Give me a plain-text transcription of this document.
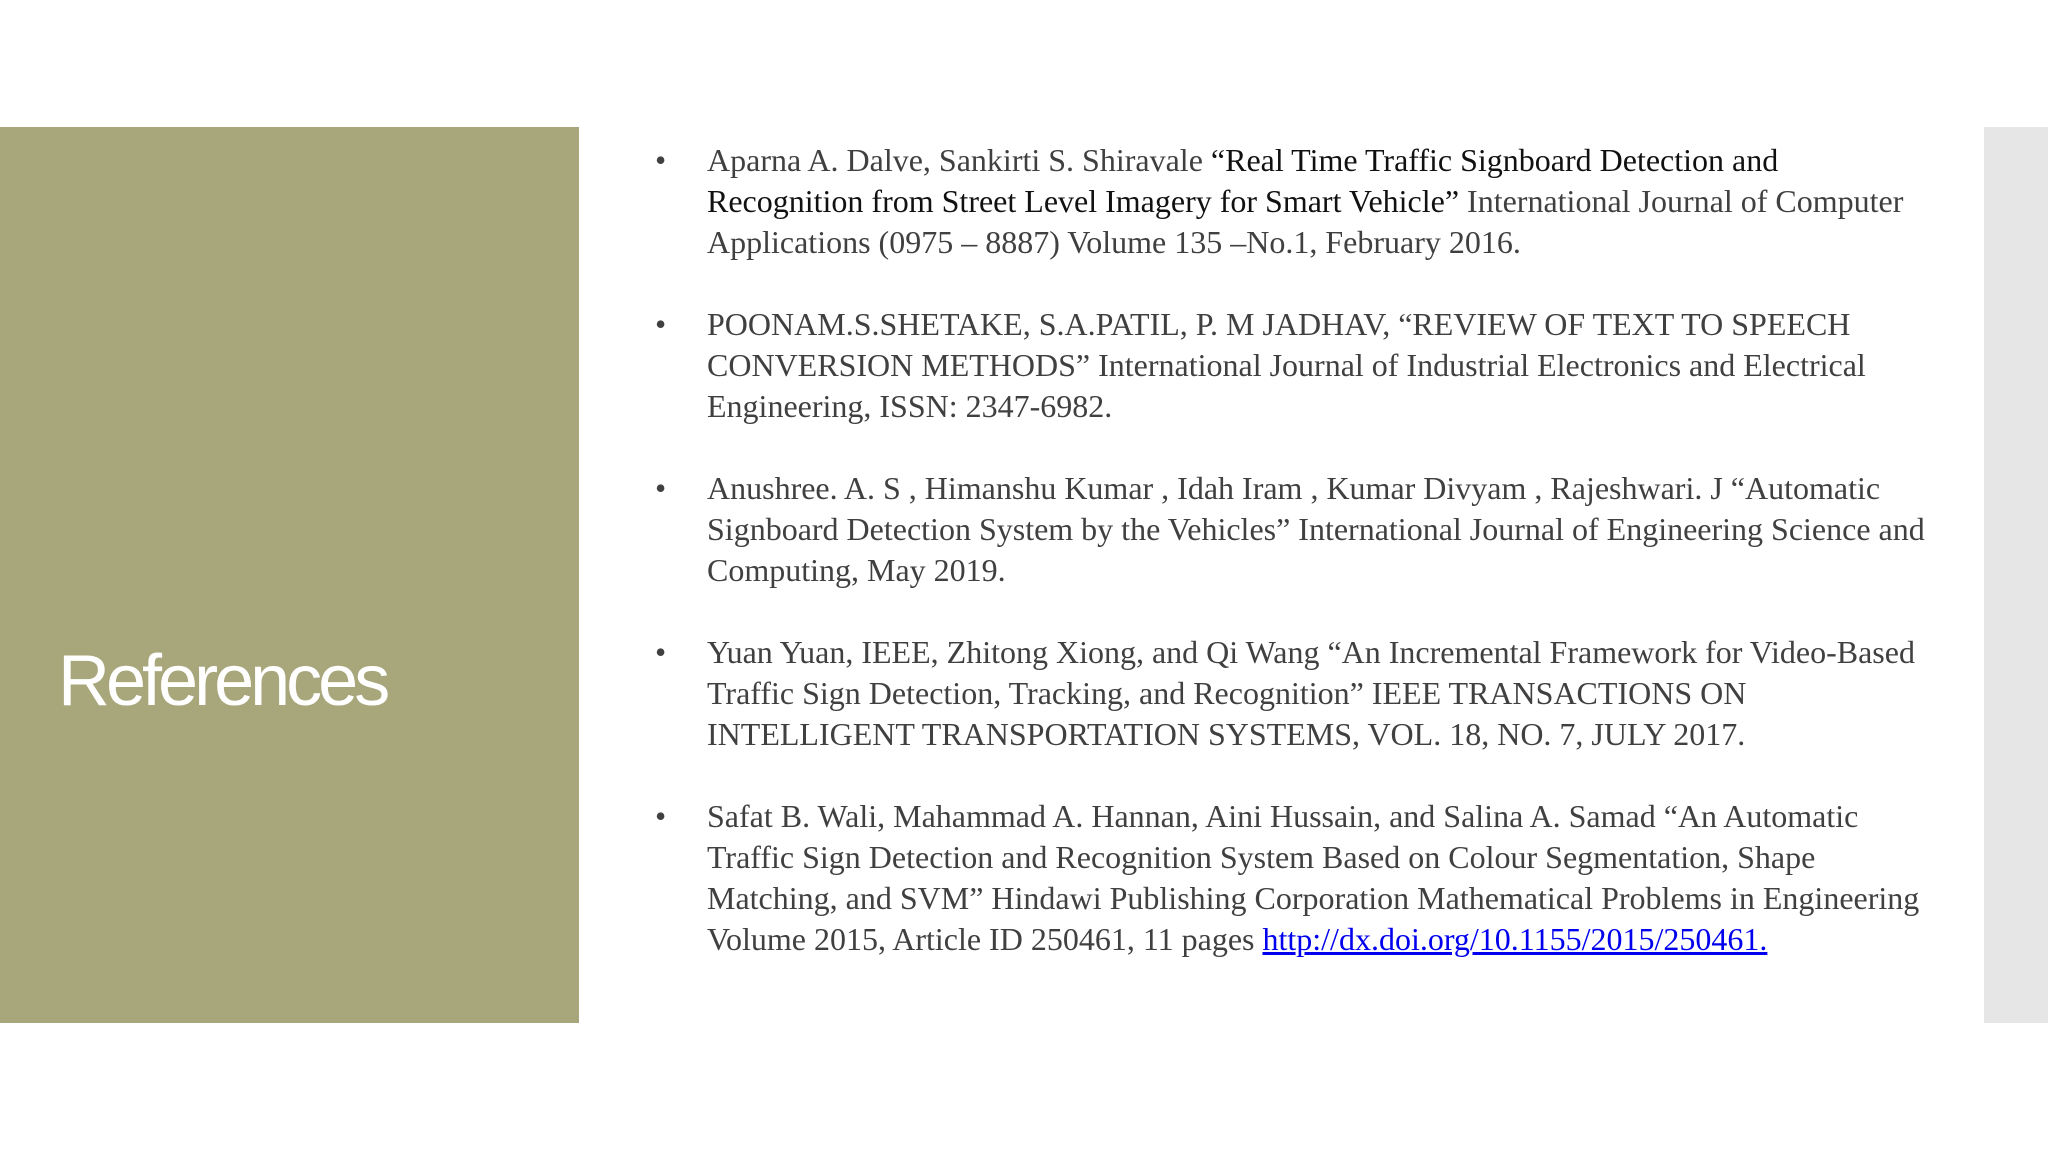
References
•	Aparna A. Dalve, Sankirti S. Shiravale “Real Time Traffic Signboard Detection and Recognition from Street Level Imagery for Smart Vehicle” International Journal of Computer Applications (0975 – 8887) Volume 135 –No.1, February 2016.
•	POONAM.S.SHETAKE, S.A.PATIL, P. M JADHAV, “REVIEW OF TEXT TO SPEECH CONVERSION METHODS” International Journal of Industrial Electronics and Electrical Engineering, ISSN: 2347-6982.
•	Anushree. A. S , Himanshu Kumar , Idah Iram , Kumar Divyam , Rajeshwari. J “Automatic Signboard Detection System by the Vehicles” International Journal of Engineering Science and Computing, May 2019.
•	Yuan Yuan, IEEE, Zhitong Xiong, and Qi Wang “An Incremental Framework for Video-Based Traffic Sign Detection, Tracking, and Recognition” IEEE TRANSACTIONS ON INTELLIGENT TRANSPORTATION SYSTEMS, VOL. 18, NO. 7, JULY 2017.
•	Safat B. Wali, Mahammad A. Hannan, Aini Hussain, and Salina A. Samad “An Automatic Traffic Sign Detection and Recognition System Based on Colour Segmentation, Shape Matching, and SVM” Hindawi Publishing Corporation Mathematical Problems in Engineering Volume 2015, Article ID 250461, 11 pages http://dx.doi.org/10.1155/2015/250461.
